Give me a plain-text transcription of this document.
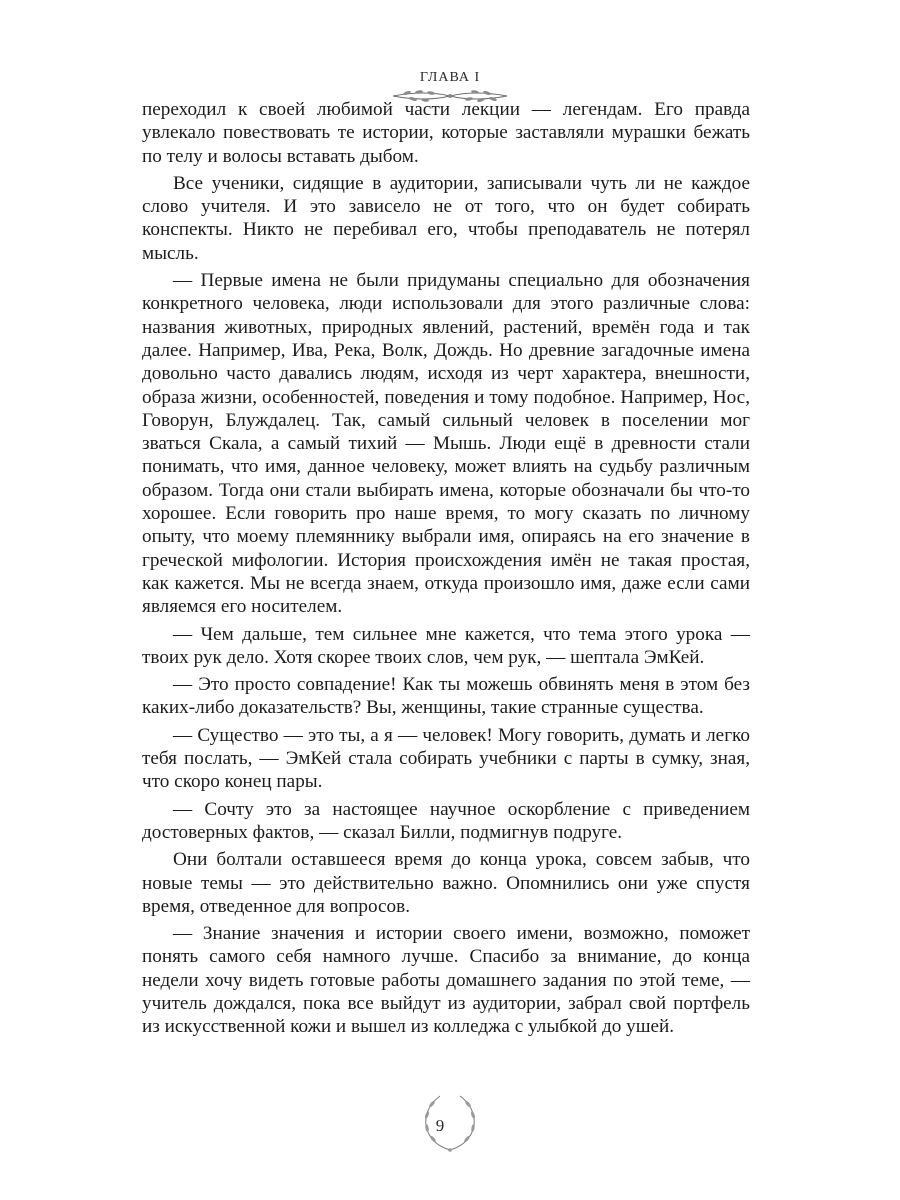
ГЛАВА I

переходил к своей любимой части лекции — легендам. Его правда увлекало повествовать те истории, которые заставляли мурашки бежать по телу и волосы вставать дыбом.

Все ученики, сидящие в аудитории, записывали чуть ли не каждое слово учителя. И это зависело не от того, что он будет собирать конспекты. Никто не перебивал его, чтобы преподаватель не потерял мысль.

— Первые имена не были придуманы специально для обозначения конкретного человека, люди использовали для этого различные слова: названия животных, природных явлений, растений, времён года и так далее. Например, Ива, Река, Волк, Дождь. Но древние загадочные имена довольно часто давались людям, исходя из черт характера, внешности, образа жизни, особенностей, поведения и тому подобное. Например, Нос, Говорун, Блуждалец. Так, самый сильный человек в поселении мог зваться Скала, а самый тихий — Мышь. Люди ещё в древности стали понимать, что имя, данное человеку, может влиять на судьбу различным образом. Тогда они стали выбирать имена, которые обозначали бы что-то хорошее. Если говорить про наше время, то могу сказать по личному опыту, что моему племяннику выбрали имя, опираясь на его значение в греческой мифологии. История происхождения имён не такая простая, как кажется. Мы не всегда знаем, откуда произошло имя, даже если сами являемся его носителем.

— Чем дальше, тем сильнее мне кажется, что тема этого урока — твоих рук дело. Хотя скорее твоих слов, чем рук, — шептала ЭмКей.

— Это просто совпадение! Как ты можешь обвинять меня в этом без каких-либо доказательств? Вы, женщины, такие странные существа.

— Существо — это ты, а я — человек! Могу говорить, думать и легко тебя послать, — ЭмКей стала собирать учебники с парты в сумку, зная, что скоро конец пары.

— Сочту это за настоящее научное оскорбление с приведением достоверных фактов, — сказал Билли, подмигнув подруге.

Они болтали оставшееся время до конца урока, совсем забыв, что новые темы — это действительно важно. Опомнились они уже спустя время, отведенное для вопросов.

— Знание значения и истории своего имени, возможно, поможет понять самого себя намного лучше. Спасибо за внимание, до конца недели хочу видеть готовые работы домашнего задания по этой теме, — учитель дождался, пока все выйдут из аудитории, забрал свой портфель из искусственной кожи и вышел из колледжа с улыбкой до ушей.

9
